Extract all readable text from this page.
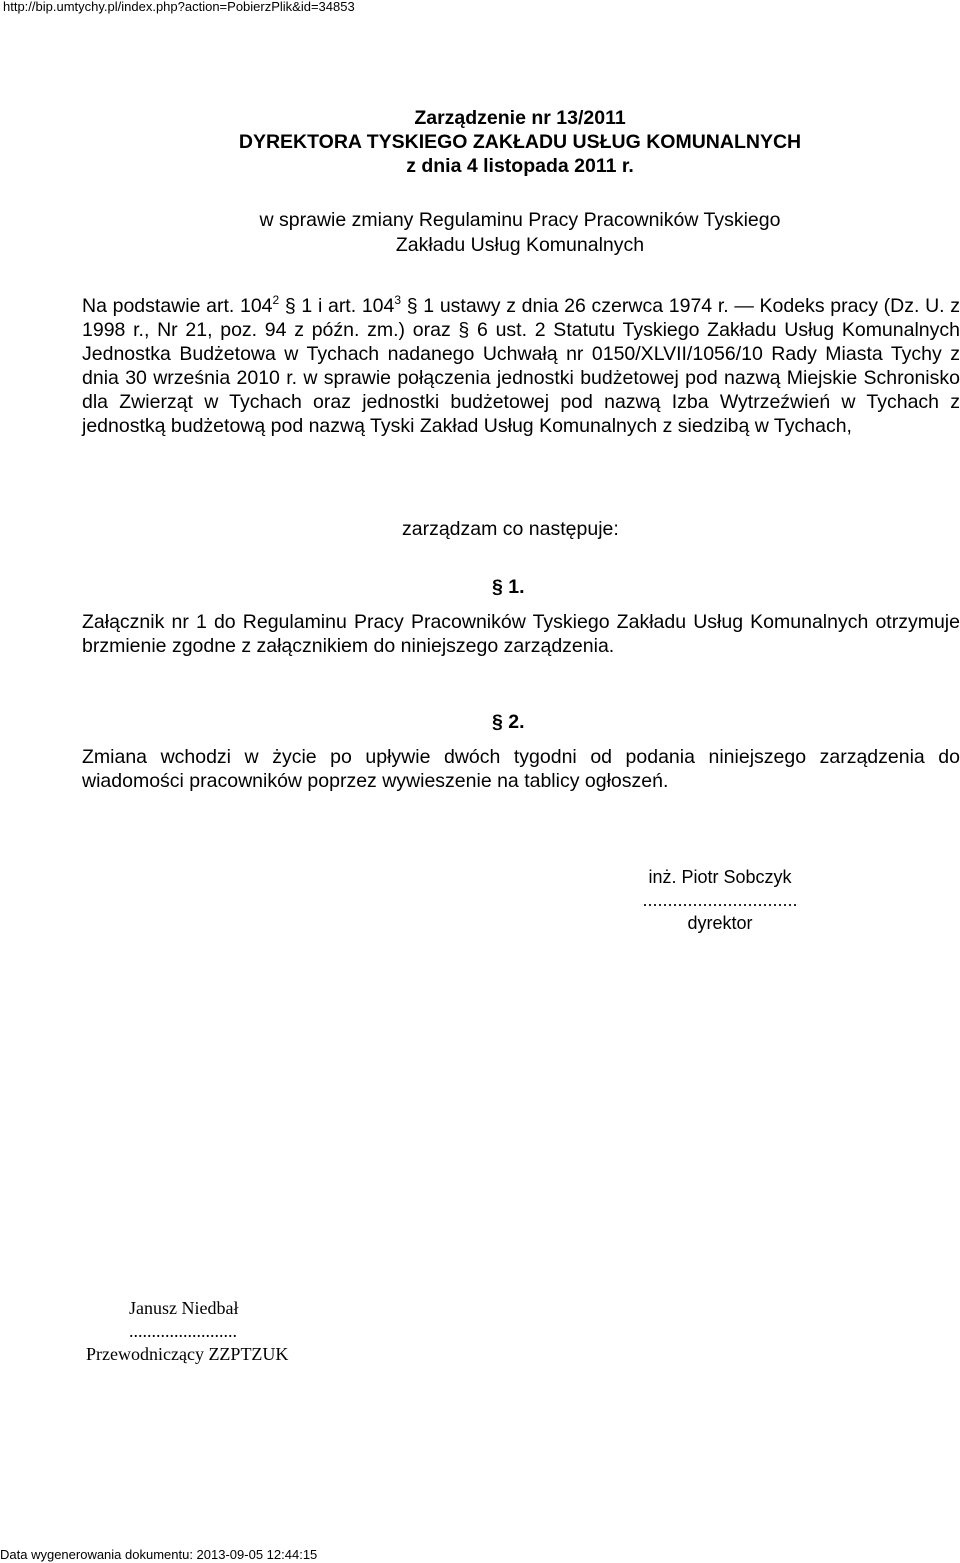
http://bip.umtychy.pl/index.php?action=PobierzPlik&id=34853
Zarządzenie nr 13/2011
DYREKTORA TYSKIEGO ZAKŁADU USŁUG KOMUNALNYCH
z dnia 4 listopada 2011 r.
w sprawie zmiany Regulaminu Pracy Pracowników Tyskiego
Zakładu Usług Komunalnych
Na podstawie art. $104^2$ § 1 i art. $104^3$ § 1 ustawy z dnia 26 czerwca 1974 r. — Kodeks pracy (Dz. U. z 1998 r., Nr 21, poz. 94 z późn. zm.) oraz § 6 ust. 2 Statutu Tyskiego Zakładu Usług Komunalnych Jednostka Budżetowa w Tychach nadanego Uchwałą nr 0150/XLVII/1056/10 Rady Miasta Tychy z dnia 30 września 2010 r. w sprawie połączenia jednostki budżetowej pod nazwą Miejskie Schronisko dla Zwierząt w Tychach oraz jednostki budżetowej pod nazwą Izba Wytrzeźwień w Tychach z jednostką budżetową pod nazwą Tyski Zakład Usług Komunalnych z siedzibą w Tychach,
zarządzam co następuje:
§ 1.
Załącznik nr 1 do Regulaminu Pracy Pracowników Tyskiego Zakładu Usług Komunalnych otrzymuje brzmienie zgodne z załącznikiem do niniejszego zarządzenia.
§ 2.
Zmiana wchodzi w życie po upływie dwóch tygodni od podania niniejszego zarządzenia do wiadomości pracowników poprzez wywieszenie na tablicy ogłoszeń.
inż. Piotr Sobczyk
...............................
dyrektor
Janusz Niedbał
........................
Przewodniczący ZZPTZUK
Data wygenerowania dokumentu: 2013-09-05 12:44:15
